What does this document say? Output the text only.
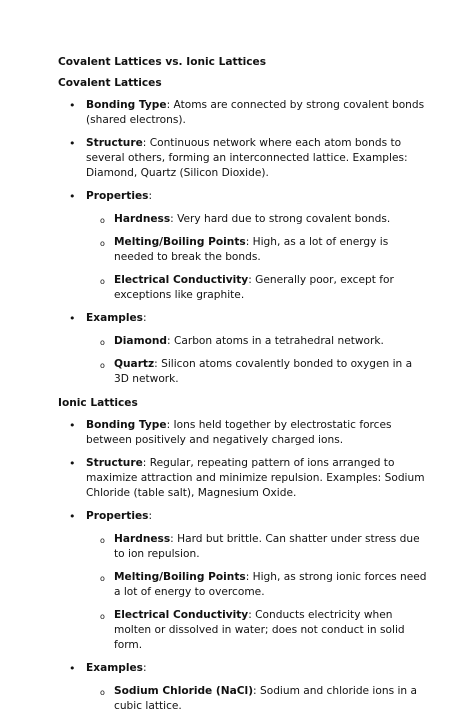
Covalent Lattices vs. Ionic Lattices
Covalent Lattices
• Bonding Type: Atoms are connected by strong covalent bonds (shared electrons).
• Structure: Continuous network where each atom bonds to several others, forming an interconnected lattice. Examples: Diamond, Quartz (Silicon Dioxide).
• Properties:
o Hardness: Very hard due to strong covalent bonds.
o Melting/Boiling Points: High, as a lot of energy is needed to break the bonds.
o Electrical Conductivity: Generally poor, except for exceptions like graphite.
• Examples:
o Diamond: Carbon atoms in a tetrahedral network.
o Quartz: Silicon atoms covalently bonded to oxygen in a 3D network.
Ionic Lattices
• Bonding Type: Ions held together by electrostatic forces between positively and negatively charged ions.
• Structure: Regular, repeating pattern of ions arranged to maximize attraction and minimize repulsion. Examples: Sodium Chloride (table salt), Magnesium Oxide.
• Properties:
o Hardness: Hard but brittle. Can shatter under stress due to ion repulsion.
o Melting/Boiling Points: High, as strong ionic forces need a lot of energy to overcome.
o Electrical Conductivity: Conducts electricity when molten or dissolved in water; does not conduct in solid form.
• Examples:
o Sodium Chloride (NaCl): Sodium and chloride ions in a cubic lattice.
